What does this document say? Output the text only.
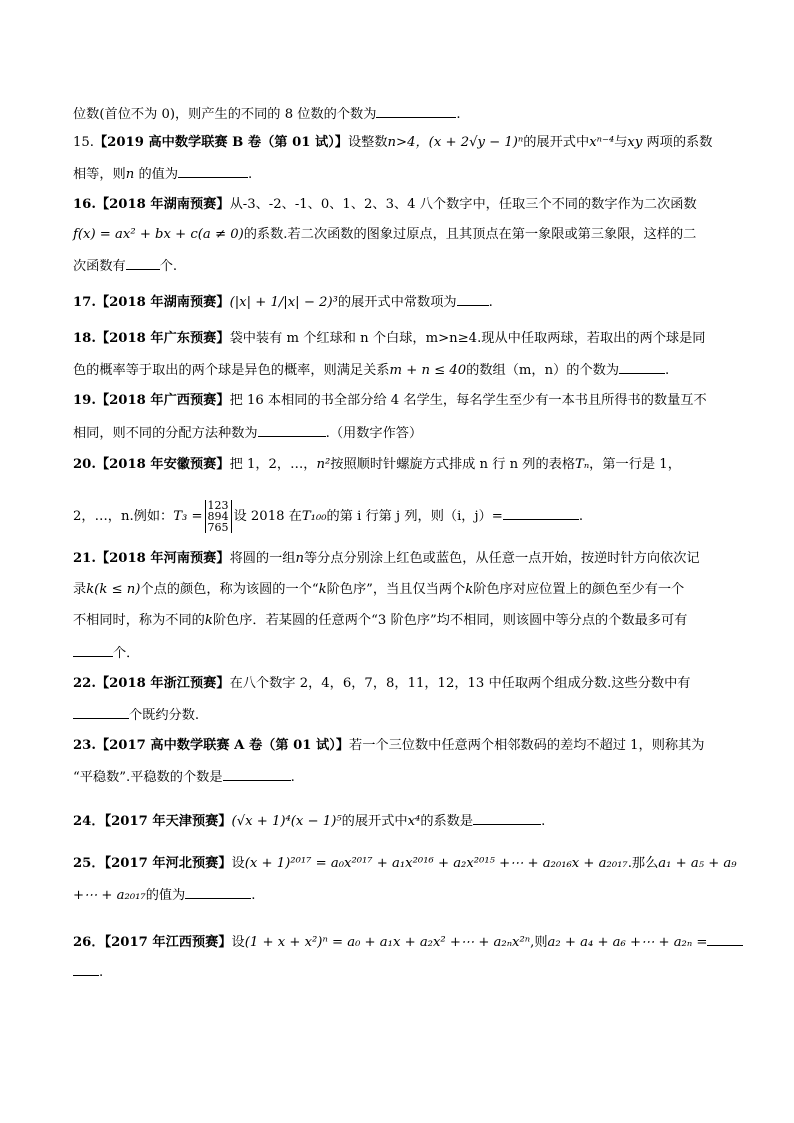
位数(首位不为 0)，则产生的不同的 8 位数的个数为	.
15.【2019 高中数学联赛 B 卷（第 01 试）】设整数n>4，(x + 2√y − 1)ⁿ的展开式中xⁿ⁻⁴与xy 两项的系数
相等，则n 的值为	.
16.【2018 年湖南预赛】从-3、-2、-1、0、1、2、3、4 八个数字中，任取三个不同的数字作为二次函数
f(x) = ax² + bx + c(a ≠ 0)的系数.若二次函数的图象过原点，且其顶点在第一象限或第三象限，这样的二
次函数有	个.
17.【2018 年湖南预赛】(|x| + 1/|x| − 2)³的展开式中常数项为 .
18.【2018 年广东预赛】袋中装有 m 个红球和 n 个白球，m>n≥4.现从中任取两球，若取出的两个球是同
色的概率等于取出的两个球是异色的概率，则满足关系m + n ≤ 40的数组（m，n）的个数为	.
19.【2018 年广西预赛】把 16 本相同的书全部分给 4 名学生，每名学生至少有一本书且所得书的数量互不
相同，则不同的分配方法种数为	.（用数字作答）
20.【2018 年安徽预赛】把 1，2，…，n²按照顺时针螺旋方式排成 n 行 n 列的表格Tₙ，第一行是 1，
2，…，n.例如：T₃ =
123
894
765
设 2018 在T₁₀₀的第 i 行第 j 列，则（i，j）=	.
21.【2018 年河南预赛】将圆的一组n等分点分别涂上红色或蓝色，从任意一点开始，按逆时针方向依次记
录k(k ≤ n)个点的颜色，称为该圆的一个“k阶色序”，当且仅当两个k阶色序对应位置上的颜色至少有一个
不相同时，称为不同的k阶色序．若某圆的任意两个“3 阶色序”均不相同，则该圆中等分点的个数最多可有
个．
22.【2018 年浙江预赛】在八个数字 2，4，6，7，8，11，12，13 中任取两个组成分数.这些分数中有
个既约分数.
23.【2017 高中数学联赛 A 卷（第 01 试）】若一个三位数中任意两个相邻数码的差均不超过 1，则称其为
“平稳数”.平稳数的个数是	.
24．【2017 年天津预赛】(√x + 1)⁴(x − 1)⁵的展开式中x⁴的系数是	.
25．【2017 年河北预赛】设(x + 1)²⁰¹⁷ = a₀x²⁰¹⁷ + a₁x²⁰¹⁶ + a₂x²⁰¹⁵ +⋯ + a₂₀₁₆x + a₂₀₁₇.那么a₁ + a₅ + a₉
+⋯ + a₂₀₁₇的值为	.
26．【2017 年江西预赛】设(1 + x + x²)ⁿ = a₀ + a₁x + a₂x² +⋯ + a₂ₙx²ⁿ,则a₂ + a₄ + a₆ +⋯ + a₂ₙ =
.
